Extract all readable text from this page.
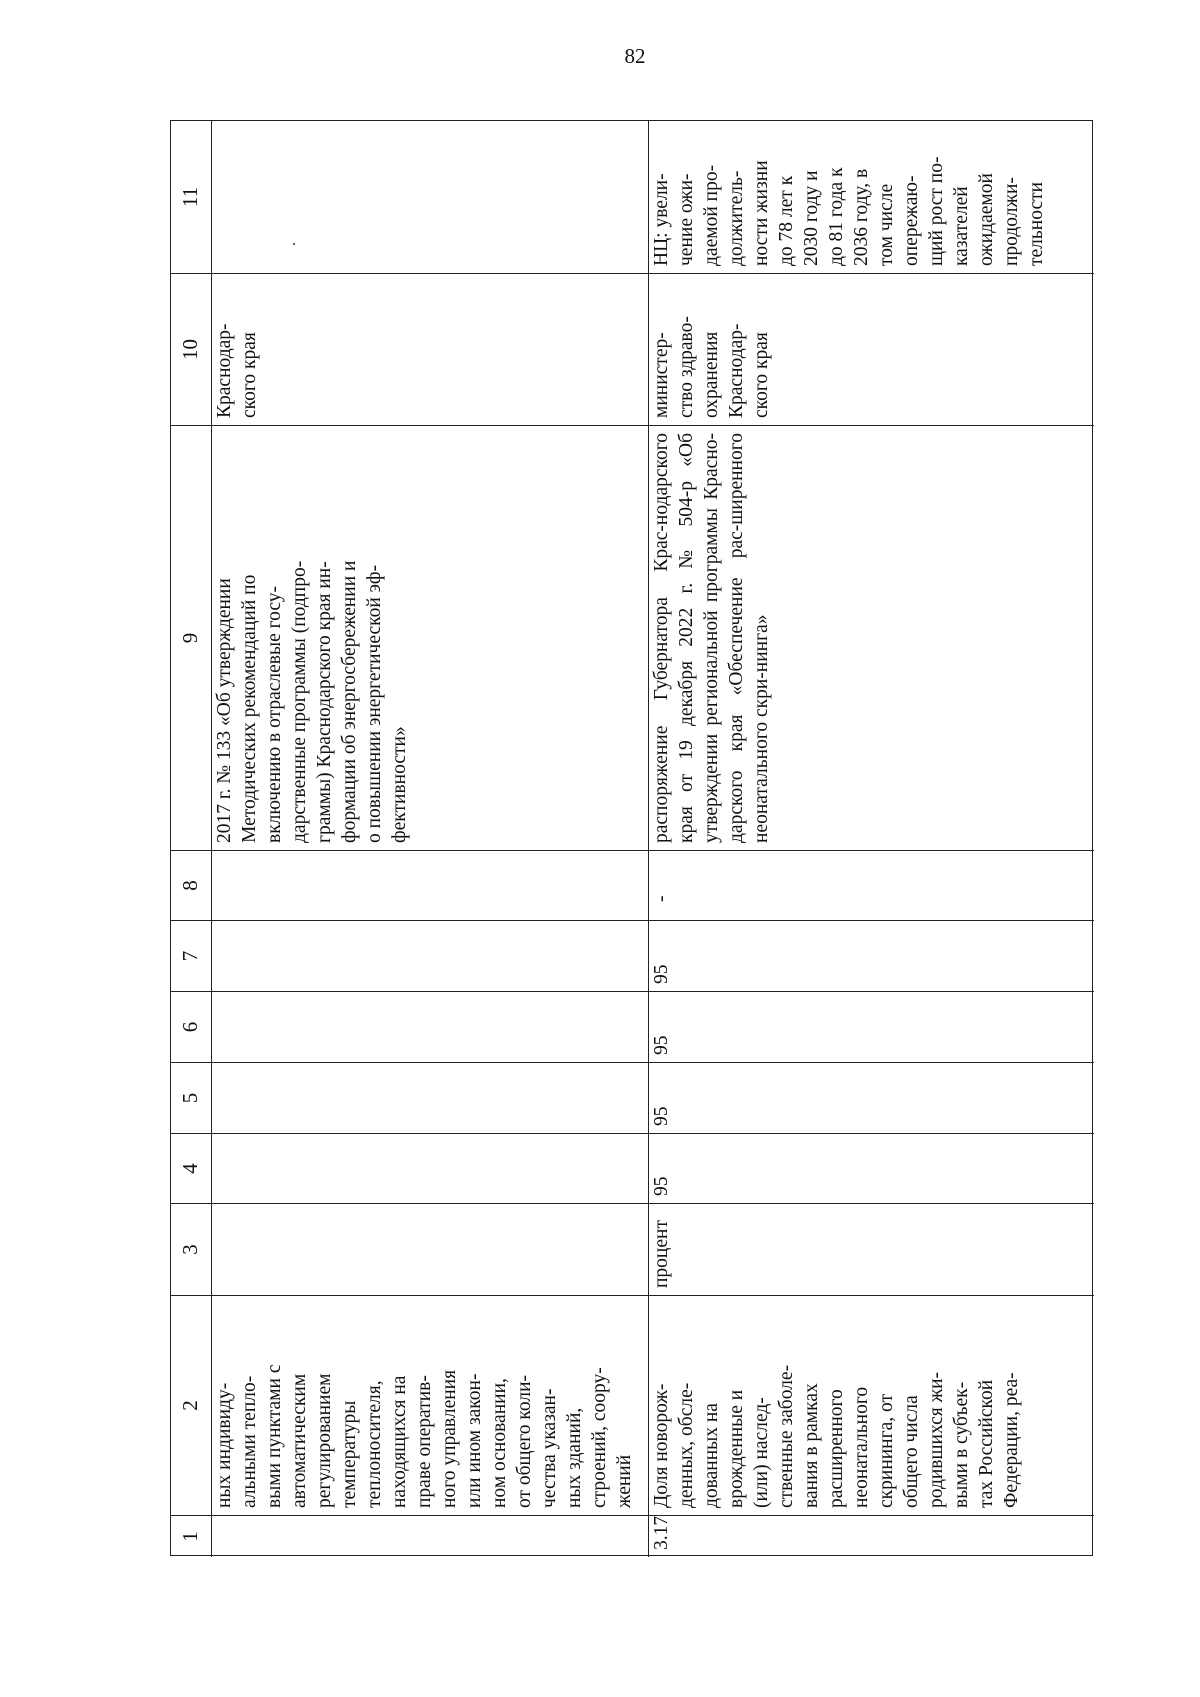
82
1
2
3
4
5
6
7
8
9
10
11
ных индивиду-
альными тепло-
выми пунктами с
автоматическим
регулированием
температуры
теплоносителя,
находящихся на
праве оператив-
ного управления
или ином закон-
ном основании,
от общего коли-
чества указан-
ных зданий,
строений, соору-
жений
2017 г. № 133 «Об утверждении
Методических рекомендаций по
включению в отраслевые госу-
дарственные программы (подпро-
граммы) Краснодарского края ин-
формации об энергосбережении и
о повышении энергетической эф-
фективности»
Краснодар-
ского края
.
3.17
Доля новорож-
денных, обсле-
дованных на
врожденные и
(или) наслед-
ственные заболе-
вания в рамках
расширенного
неонатального
скрининга, от
общего числа
родившихся жи-
выми в субъек-
тах Российской
Федерации, реа-
процент
95
95
95
95
-
распоряжение Губернатора Крас-нодарского края от 19 декабря 2022 г. № 504-р «Об утверждении региональной программы Красно-дарского края «Обеспечение рас-ширенного неонатального скри-нинга»
министер-
ство здраво-
охранения
Краснодар-
ского края
НЦ: увели-
чение ожи-
даемой про-
должитель-
ности жизни
до 78 лет к
2030 году и
до 81 года к
2036 году, в
том числе
опережаю-
щий рост по-
казателей
ожидаемой
продолжи-
тельности
